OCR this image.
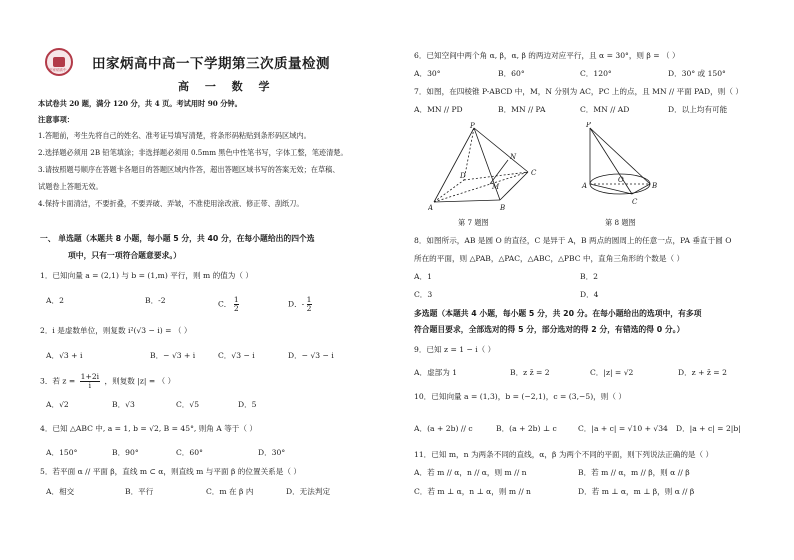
田家炳高中 田家炳高中高一下学期第三次质量检测
高 一 数 学
本试卷共 20 题，满分 120 分，共 4 页。考试用时 90 分钟。
注意事项：
1.答题前，考生先将自己的姓名、准考证号填写清楚，将条形码粘贴到条形码区域内。
2.选择题必须用 2B 铅笔填涂；非选择题必须用 0.5mm 黑色中性笔书写，字体工整，笔迹清楚。
3.请按照题号顺序在答题卡各题目的答题区域内作答，超出答题区域书写的答案无效；在草稿、
试题卷上答题无效。
4.保持卡面清洁，不要折叠，不要弄破、弄皱，不准使用涂改液、修正带、刮纸刀。
一、 单选题（本题共 8 小题，每小题 5 分，共 40 分，在每小题给出的四个选
项中，只有一项符合题意要求。）
1．已知向量 a = (2,1) 与 b = (1,m) 平行，则 m 的值为（ ）
A．2	B．-2	C． $\frac{1}{2}$	D．- $\frac{1}{2}$
2．i 是虚数单位，则复数 i²(√3 − i) = （ ）
A．√3 + i	B．− √3 + i	C．√3 − i	D．− √3 − i
3．若 $z = \frac{1+2i}{i}$ ，则复数 |z| = （ ）
A．√2	B．√3	C．√5	D．5
4．已知 △ABC 中, a = 1, b = √2, B = 45°, 则角 A 等于（ ）
A．150°	B．90°	C．60°	D．30°
5．若平面 α // 平面 β，直线 m ⊂ α，则直线 m 与平面 β 的位置关系是（ ）
A．相交	B．平行	C．m 在 β 内	D．无法判定
6．已知空间中两个角 α, β，α, β 的两边对应平行，且 α = 30°，则 β = （ ）
A．30°	B．60°	C．120°	D．30° 或 150°
7．如图，在四棱锥 P-ABCD 中，M，N 分别为 AC，PC 上的点，且 MN // 平面 PAD，则（ ）
A．MN // PD	B．MN // PA	C．MN // AD	D．以上均有可能
P
N
D	C
M
A	B
第 7 题图
P
A
O
B
C
第 8 题图
8．如图所示，AB 是圆 O 的直径，C 是异于 A，B 两点的圆周上的任意一点，PA 垂直于圆 O
所在的平面，则 △PAB，△PAC，△ABC，△PBC 中，直角三角形的个数是（ ）
A．1	B．2
C．3	D．4
多选题（本题共 4 小题，每小题 5 分，共 20 分。在每小题给出的选项中，有多项
符合题目要求，全部选对的得 5 分，部分选对的得 2 分，有错选的得 0 分。）
9．已知 z = 1 − i（ ）
A．虚部为 1	B．z z̄ = 2	C．|z| = √2	D．z + z̄ = 2
10．已知向量 a = (1,3)，b = (−2,1)，c = (3,−5)，则（ ）
A．(a + 2b) // c	B．(a + 2b) ⊥ c	C．|a + c| = √10 + √34 D．|a + c| = 2|b|
11．已知 m，n 为两条不同的直线，α，β 为两个不同的平面，则下列说法正确的是（ ）
A．若 m // α，n // α，则 m // n	B．若 m // α，m // β，则 α // β
C．若 m ⊥ α，n ⊥ α，则 m // n	D．若 m ⊥ α，m ⊥ β，则 α // β
